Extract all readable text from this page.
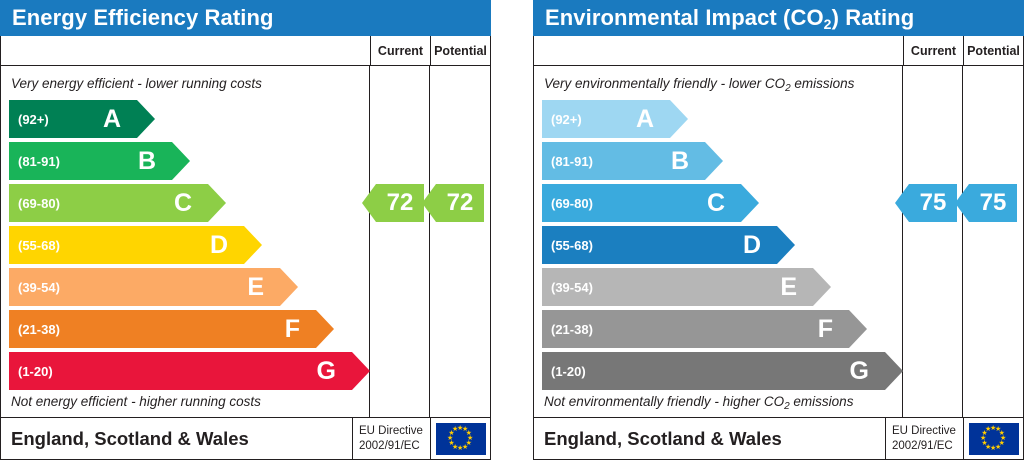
Energy Efficiency Rating
Current Potential
Very energy efficient - lower running costs
(92+) A
(81-91)	B
(69-80)	C
(55-68)	D
(39-54)	E
(21-38)	F
(1-20)	G
72 72
Not energy efficient - higher running costs
England, Scotland & Wales	EU Directive
2002/91/EC
★
★
★
★
★
★
★
★
★
★
★
★
Environmental Impact $(CO_2)$ Rating
Current Potential
Very environmentally friendly - lower $CO_2$ emissions
(92+) A
(81-91)	B
(69-80)	C
(55-68)	D
(39-54)	E
(21-38)	F
(1-20)	G
75 75
Not environmentally friendly - higher $CO_2$ emissions
England, Scotland & Wales	EU Directive
2002/91/EC
★
★
★
★
★
★
★
★
★
★
★
★
